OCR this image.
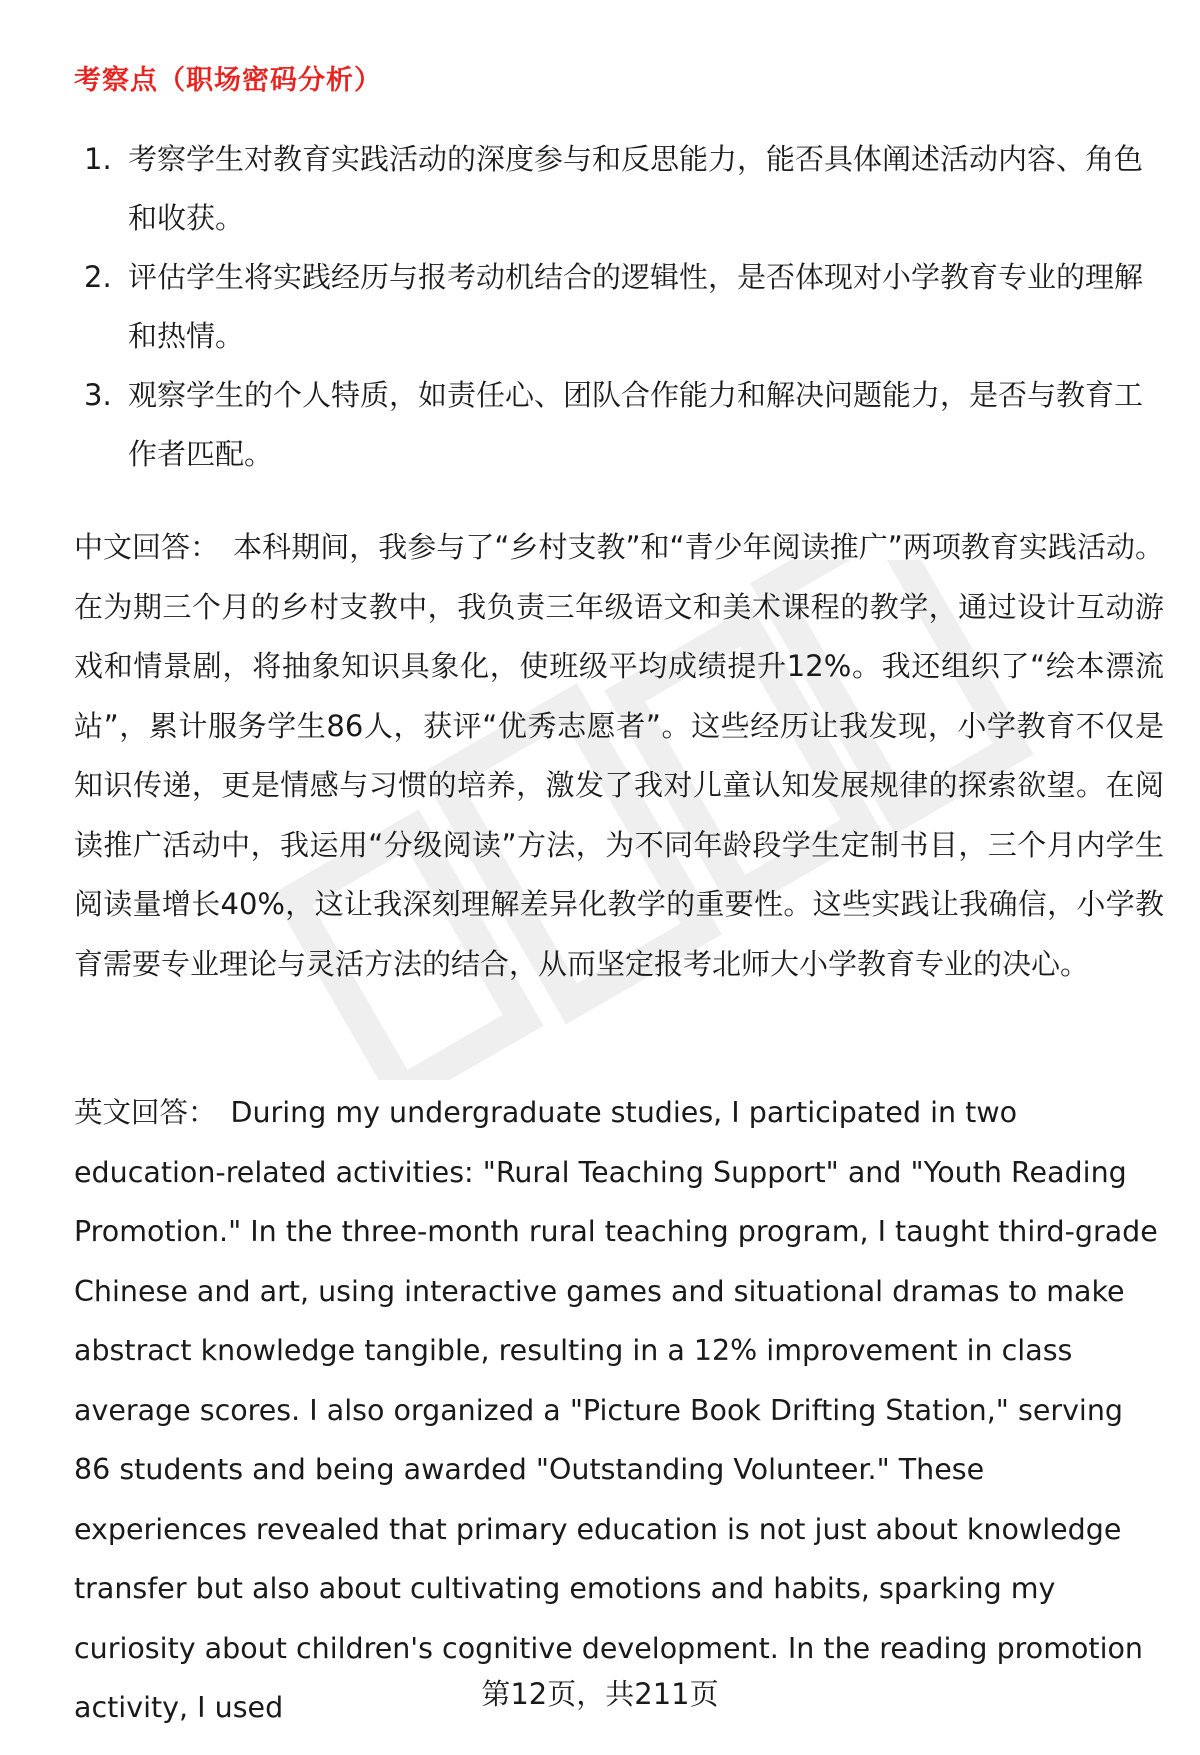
考察点（职场密码分析）
1. 考察学生对教育实践活动的深度参与和反思能力，能否具体阐述活动内容、角色和收获。
2. 评估学生将实践经历与报考动机结合的逻辑性，是否体现对小学教育专业的理解和热情。
3. 观察学生的个人特质，如责任心、团队合作能力和解决问题能力，是否与教育工作者匹配。

中文回答： 本科期间，我参与了“乡村支教”和“青少年阅读推广”两项教育实践活动。在为期三个月的乡村支教中，我负责三年级语文和美术课程的教学，通过设计互动游戏和情景剧，将抽象知识具象化，使班级平均成绩提升12%。我还组织了“绘本漂流站”，累计服务学生86人，获评“优秀志愿者”。这些经历让我发现，小学教育不仅是知识传递，更是情感与习惯的培养，激发了我对儿童认知发展规律的探索欲望。在阅读推广活动中，我运用“分级阅读”方法，为不同年龄段学生定制书目，三个月内学生阅读量增长40%，这让我深刻理解差异化教学的重要性。这些实践让我确信，小学教育需要专业理论与灵活方法的结合，从而坚定报考北师大小学教育专业的决心。

英文回答： During my undergraduate studies, I participated in two education-related activities: "Rural Teaching Support" and "Youth Reading Promotion." In the three-month rural teaching program, I taught third-grade Chinese and art, using interactive games and situational dramas to make abstract knowledge tangible, resulting in a 12% improvement in class average scores. I also organized a "Picture Book Drifting Station," serving 86 students and being awarded "Outstanding Volunteer." These experiences revealed that primary education is not just about knowledge transfer but also about cultivating emotions and habits, sparking my curiosity about children's cognitive development. In the reading promotion activity, I used	第12页，共211页
